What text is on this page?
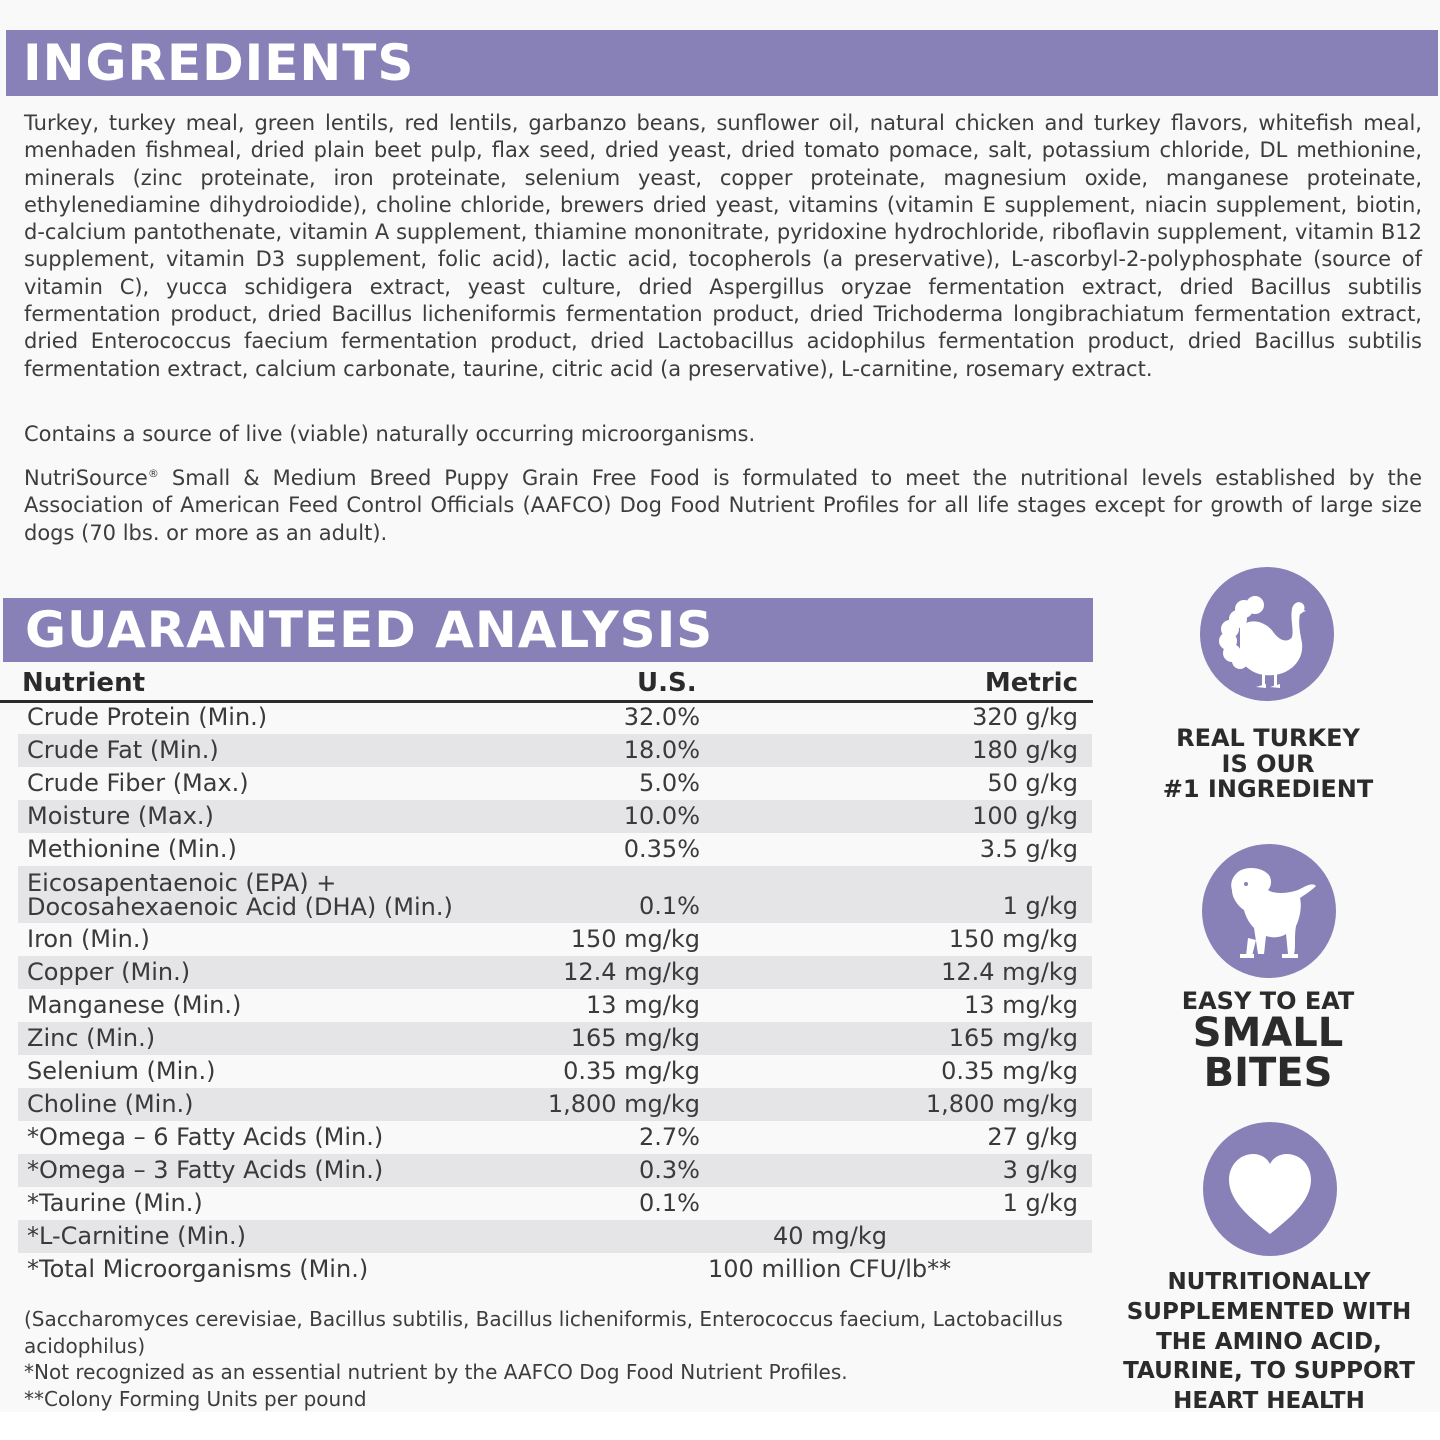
INGREDIENTS
Turkey, turkey meal, green lentils, red lentils, garbanzo beans, sunflower oil, natural chicken and turkey flavors, whitefish meal, menhaden fishmeal, dried plain beet pulp, flax seed, dried yeast, dried tomato pomace, salt, potassium chloride, DL methionine, minerals (zinc proteinate, iron proteinate, selenium yeast, copper proteinate, magnesium oxide, manganese proteinate, ethylenediamine dihydroiodide), choline chloride, brewers dried yeast, vitamins (vitamin E supplement, niacin supplement, biotin, d-calcium pantothenate, vitamin A supplement, thiamine mononitrate, pyridoxine hydrochloride, riboflavin supplement, vitamin B12 supplement, vitamin D3 supplement, folic acid), lactic acid, tocopherols (a preservative), L-ascorbyl-2-polyphosphate (source of vitamin C), yucca schidigera extract, yeast culture, dried Aspergillus oryzae fermentation extract, dried Bacillus subtilis fermentation product, dried Bacillus licheniformis fermentation product, dried Trichoderma longibrachiatum fermentation extract, dried Enterococcus faecium fermentation product, dried Lactobacillus acidophilus fermentation product, dried Bacillus subtilis fermentation extract, calcium carbonate, taurine, citric acid (a preservative), L-carnitine, rosemary extract.
Contains a source of live (viable) naturally occurring microorganisms.
NutriSource® Small & Medium Breed Puppy Grain Free Food is formulated to meet the nutritional levels established by the Association of American Feed Control Officials (AAFCO) Dog Food Nutrient Profiles for all life stages except for growth of large size dogs (70 lbs. or more as an adult).
GUARANTEED ANALYSIS
Nutrient	U.S.	Metric
Crude Protein (Min.)	32.0%	320 g/kg
Crude Fat (Min.)	18.0%	180 g/kg
Crude Fiber (Max.)	5.0%	50 g/kg
Moisture (Max.)	10.0%	100 g/kg
Methionine (Min.)	0.35%	3.5 g/kg
Eicosapentaenoic (EPA) +
Docosahexaenoic Acid (DHA) (Min.)	0.1%	1 g/kg
Iron (Min.)	150 mg/kg	150 mg/kg
Copper (Min.)	12.4 mg/kg	12.4 mg/kg
Manganese (Min.)	13 mg/kg	13 mg/kg
Zinc (Min.)	165 mg/kg	165 mg/kg
Selenium (Min.)	0.35 mg/kg	0.35 mg/kg
Choline (Min.)	1,800 mg/kg	1,800 mg/kg
*Omega – 6 Fatty Acids (Min.)	2.7%	27 g/kg
*Omega – 3 Fatty Acids (Min.)	0.3%	3 g/kg
*Taurine (Min.)	0.1%	1 g/kg
*L-Carnitine (Min.)	40 mg/kg
*Total Microorganisms (Min.)	100 million CFU/lb**
(Saccharomyces cerevisiae, Bacillus subtilis, Bacillus licheniformis, Enterococcus faecium, Lactobacillus acidophilus)
*Not recognized as an essential nutrient by the AAFCO Dog Food Nutrient Profiles.
**Colony Forming Units per pound
REAL TURKEY
IS OUR
#1 INGREDIENT
EASY TO EAT
SMALL
BITES
NUTRITIONALLY
SUPPLEMENTED WITH
THE AMINO ACID,
TAURINE, TO SUPPORT
HEART HEALTH
